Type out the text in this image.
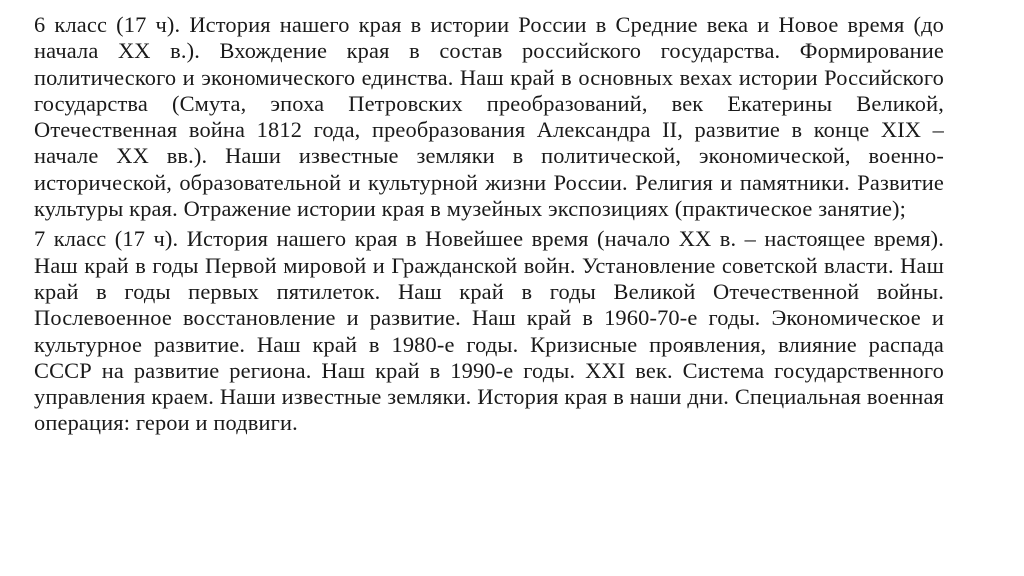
6 класс (17 ч). История нашего края в истории России в Средние века и Новое время (до начала XX в.). Вхождение края в состав российского государства. Формирование политического и экономического единства. Наш край в основных вехах истории Российского государства (Смута, эпоха Петровских преобразований, век Екатерины Великой, Отечественная война 1812 года, преобразования Александра II, развитие в конце XIX – начале XX вв.). Наши известные земляки в политической, экономической, военно-исторической, образовательной и культурной жизни России. Религия и памятники. Развитие культуры края. Отражение истории края в музейных экспозициях (практическое занятие);

7 класс (17 ч). История нашего края в Новейшее время (начало XX в. – настоящее время). Наш край в годы Первой мировой и Гражданской войн. Установление советской власти. Наш край в годы первых пятилеток. Наш край в годы Великой Отечественной войны. Послевоенное восстановление и развитие. Наш край в 1960-70-е годы. Экономическое и культурное развитие. Наш край в 1980-е годы. Кризисные проявления, влияние распада СССР на развитие региона. Наш край в 1990-е годы. XXI век. Система государственного управления краем. Наши известные земляки. История края в наши дни. Специальная военная операция: герои и подвиги.
